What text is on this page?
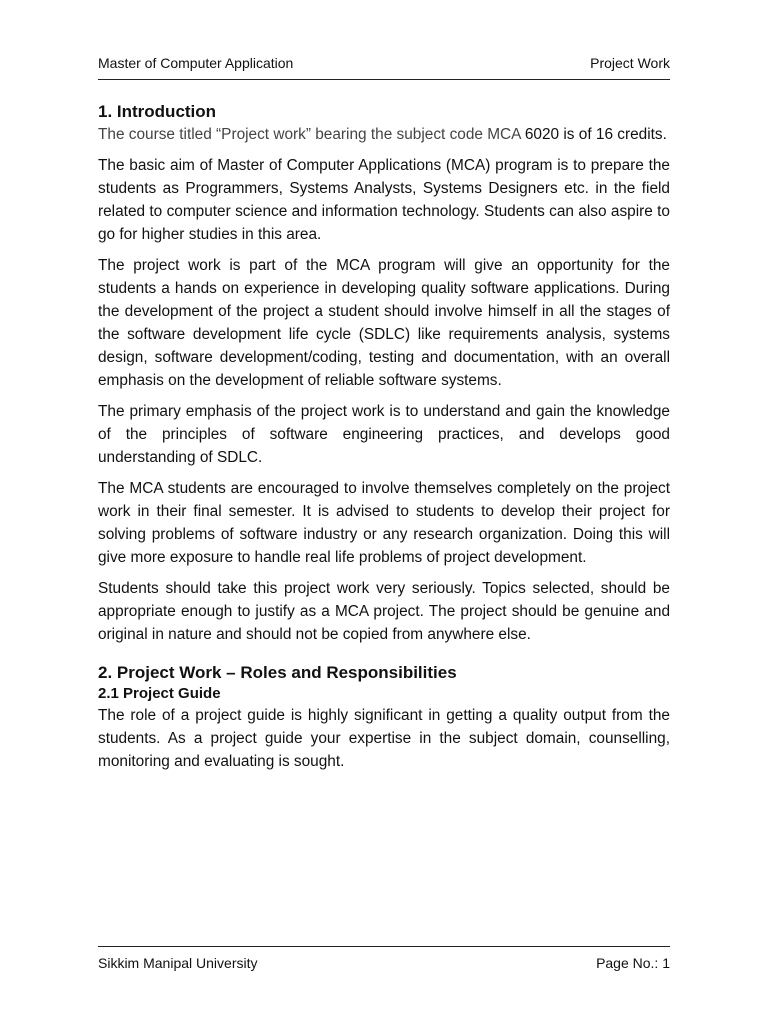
Master of Computer Application	Project Work
1. Introduction

The course titled “Project work” bearing the subject code MCA 6020 is of 16 credits.

The basic aim of Master of Computer Applications (MCA) program is to prepare the students as Programmers, Systems Analysts, Systems Designers etc. in the field related to computer science and information technology. Students can also aspire to go for higher studies in this area.

The project work is part of the MCA program will give an opportunity for the students a hands on experience in developing quality software applications. During the development of the project a student should involve himself in all the stages of the software development life cycle (SDLC) like requirements analysis, systems design, software development/coding, testing and documentation, with an overall emphasis on the development of reliable software systems.

The primary emphasis of the project work is to understand and gain the knowledge of the principles of software engineering practices, and develops good understanding of SDLC.

The MCA students are encouraged to involve themselves completely on the project work in their final semester. It is advised to students to develop their project for solving problems of software industry or any research organization. Doing this will give more exposure to handle real life problems of project development.

Students should take this project work very seriously. Topics selected, should be appropriate enough to justify as a MCA project. The project should be genuine and original in nature and should not be copied from anywhere else.

2. Project Work – Roles and Responsibilities
2.1 Project Guide

The role of a project guide is highly significant in getting a quality output from the students. As a project guide your expertise in the subject domain, counselling, monitoring and evaluating is sought.

Sikkim Manipal University	Page No.: 1
